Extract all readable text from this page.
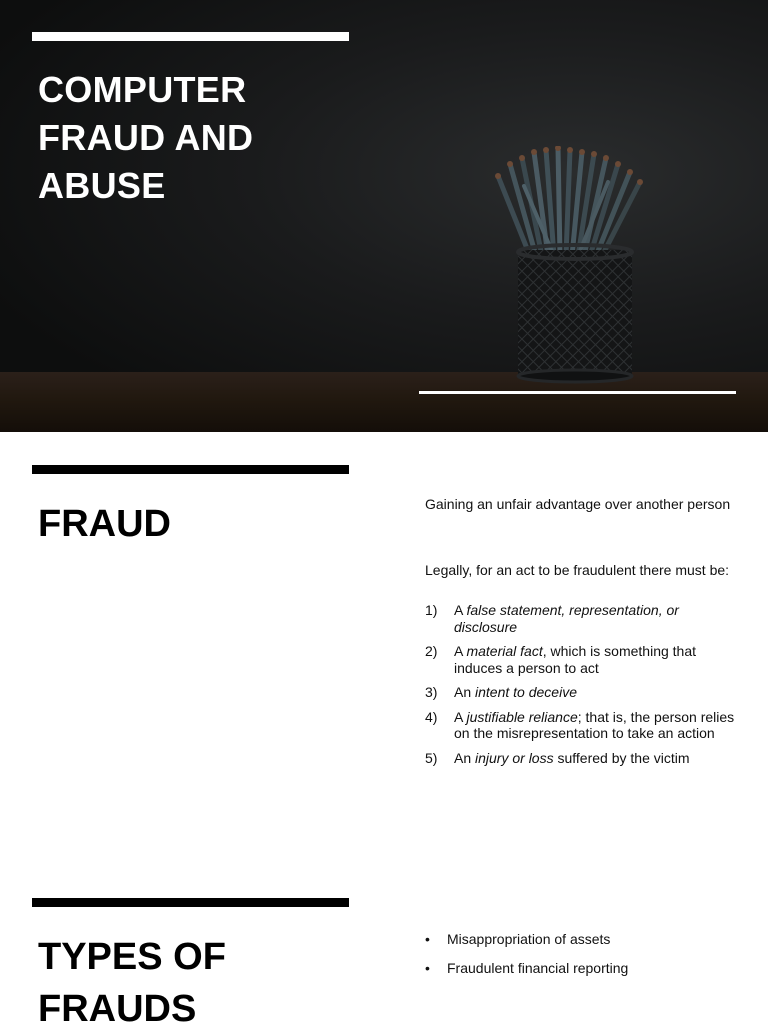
COMPUTER FRAUD AND ABUSE
FRAUD	Gaining an unfair advantage over another person

Legally, for an act to be fraudulent there must be:

1) A false statement, representation, or disclosure
2) A material fact, which is something that induces a person to act
3) An intent to deceive
4) A justifiable reliance; that is, the person relies on the misrepresentation to take an action
5) An injury or loss suffered by the victim
TYPES OF FRAUDS
• Misappropriation of assets
• Fraudulent financial reporting
